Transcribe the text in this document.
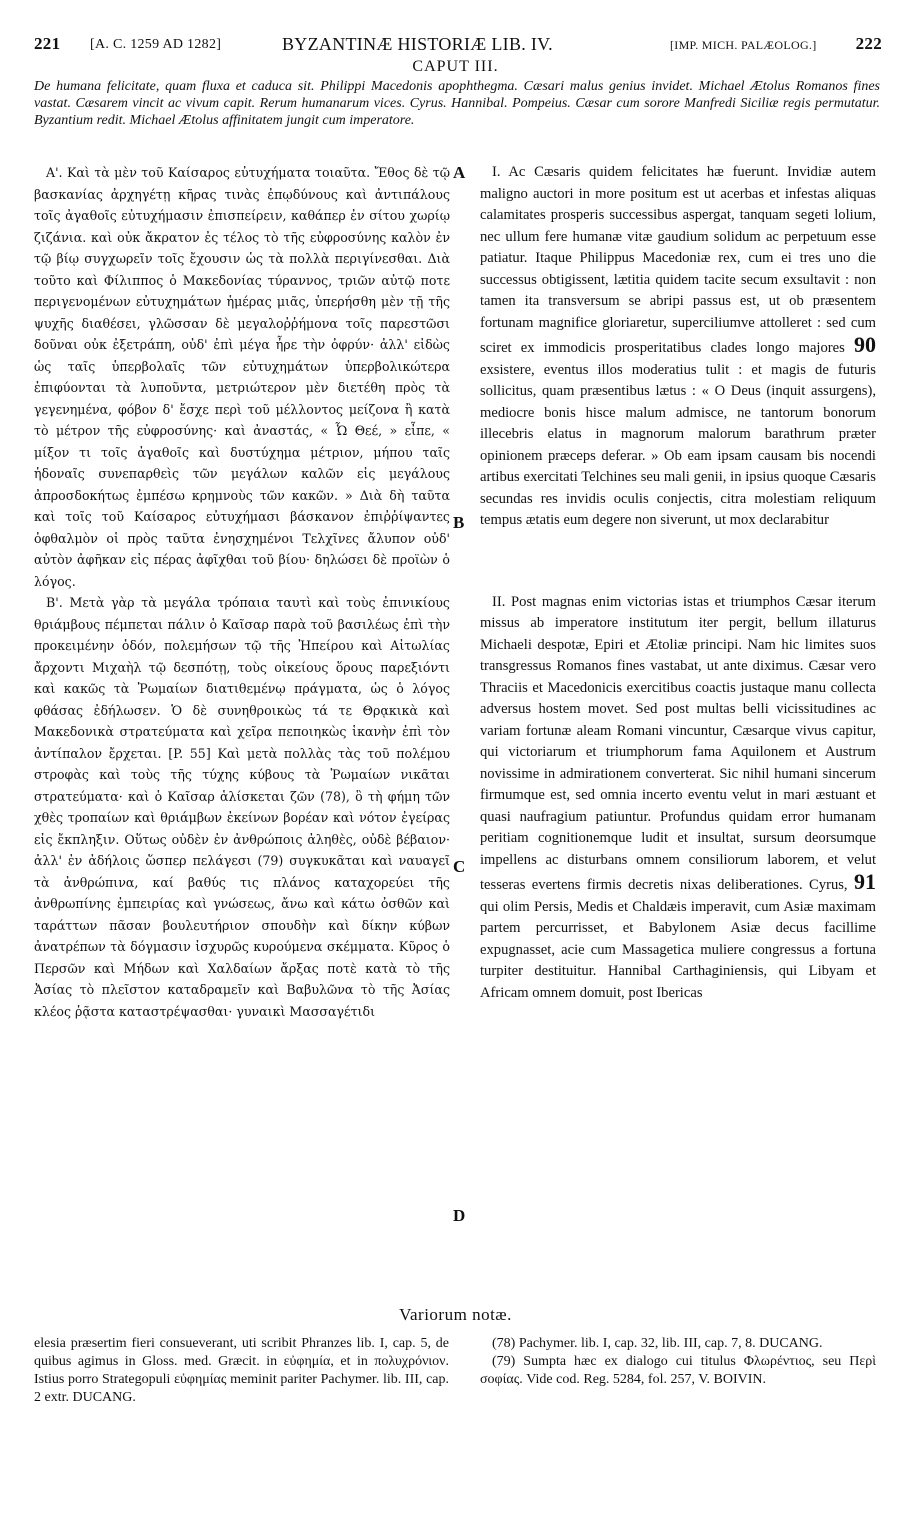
221 [A. C. 1259 AD 1282]	BYZANTINÆ HISTORIÆ LIB. IV.	[IMP. MICH. PALÆOLOG.] 222
CAPUT III.
De humana felicitate, quam fluxa et caduca sit. Philippi Macedonis apophthegma. Cæsari malus genius invidet. Michael Ætolus Romanos fines vastat. Cæsarem vincit ac vivum capit. Rerum humanarum vices. Cyrus. Hannibal. Pompeius. Cæsar cum sorore Manfredi Siciliæ regis permutatur. Byzantium redit. Michael Ætolus affinitatem jungit cum imperatore.

Α'. Καὶ τὰ μὲν τοῦ Καίσαρος εὐτυχήματα τοιαῦτα. Ἔθος δὲ τῷ βασκανίας ἀρχηγέτῃ κῆρας τινὰς ἐπῳδύνους καὶ ἀντιπάλους τοῖς ἀγαθοῖς εὐτυχήμασιν ἐπισπείρειν, καθάπερ ἐν σίτου χωρίῳ ζιζάνια. καὶ οὐκ ἄκρατον ἐς τέλος τὸ τῆς εὐφροσύνης καλὸν ἐν τῷ βίῳ συγχωρεῖν τοῖς ἔχουσιν ὡς τὰ πολλὰ περιγίνεσθαι. Διὰ τοῦτο καὶ Φίλιππος ὁ Μακεδονίας τύραννος, τριῶν αὐτῷ ποτε περιγενομένων εὐτυχημάτων ἡμέρας μιᾶς, ὑπερήσθη μὲν τῇ τῆς ψυχῆς διαθέσει, γλῶσσαν δὲ μεγαλοῤῥήμονα τοῖς παρεστῶσι δοῦναι οὐκ ἐξετράπη, οὐδ' ἐπὶ μέγα ἦρε τὴν ὀφρύν· ἀλλ' εἰδὼς ὡς ταῖς ὑπερβολαῖς τῶν εὐτυχημάτων ὑπερβολικώτερα ἐπιφύονται τὰ λυποῦντα, μετριώτερον μὲν διετέθη πρὸς τὰ γεγενημένα, φόβον δ' ἔσχε περὶ τοῦ μέλλοντος μείζονα ἢ κατὰ τὸ μέτρον τῆς εὐφροσύνης· καὶ ἀναστάς, « Ὦ Θεέ, » εἶπε, « μίξον τι τοῖς ἀγαθοῖς καὶ δυστύχημα μέτριον, μήπου ταῖς ἡδοναῖς συνεπαρθεὶς τῶν μεγάλων καλῶν εἰς μεγάλους ἀπροσδοκήτως ἐμπέσω κρημνοὺς τῶν κακῶν. » Διὰ δὴ ταῦτα καὶ τοῖς τοῦ Καίσαρος εὐτυχήμασι βάσκανον ἐπιῤῥίψαντες ὀφθαλμὸν οἱ πρὸς ταῦτα ἐνησχημένοι Τελχῖνες ἄλυπον οὐδ' αὐτὸν ἀφῆκαν εἰς πέρας ἀφῖχθαι τοῦ βίου· δηλώσει δὲ προϊὼν ὁ λόγος.

Β'. Μετὰ γὰρ τὰ μεγάλα τρόπαια ταυτὶ καὶ τοὺς ἐπινικίους θριάμβους πέμπεται πάλιν ὁ Καῖσαρ παρὰ τοῦ βασιλέως ἐπὶ τὴν προκειμένην ὁδόν, πολεμήσων τῷ τῆς Ἠπείρου καὶ Αἰτωλίας ἄρχοντι Μιχαὴλ τῷ δεσπότῃ, τοὺς οἰκείους ὅρους παρεξιόντι καὶ κακῶς τὰ Ῥωμαίων διατιθεμένῳ πράγματα, ὡς ὁ λόγος φθάσας ἐδήλωσεν. Ὁ δὲ συνηθροικὼς τά τε Θρᾳκικὰ καὶ Μακεδονικὰ στρατεύματα καὶ χεῖρα πεποιηκὼς ἱκανὴν ἐπὶ τὸν ἀντίπαλον ἔρχεται. [P. 55] Καὶ μετὰ πολλὰς τὰς τοῦ πολέμου στροφὰς καὶ τοὺς τῆς τύχης κύβους τὰ Ῥωμαίων νικᾶται στρατεύματα· καὶ ὁ Καῖσαρ ἁλίσκεται ζῶν (78), ὃ τὴ φήμη τῶν χθὲς τροπαίων καὶ θριάμβων ἐκείνων βορέαν καὶ νότον ἐγείρας εἰς ἔκπληξιν. Οὕτως οὐδὲν ἐν ἀνθρώποις ἀληθὲς, οὐδὲ βέβαιον· ἀλλ' ἐν ἀδήλοις ὥσπερ πελάγεσι (79) συγκυκᾶται καὶ ναυαγεῖ τὰ ἀνθρώπινα, καί βαθύς τις πλάνος καταχορεύει τῆς ἀνθρωπίνης ἐμπειρίας καὶ γνώσεως, ἄνω καὶ κάτω ὀσθῶν καὶ ταράττων πᾶσαν βουλευτήριον σπουδὴν καὶ δίκην κύβων ἀνατρέπων τὰ δόγμασιν ἰσχυρῶς κυρούμενα σκέμματα. Κῦρος ὁ Περσῶν καὶ Μήδων καὶ Χαλδαίων ἄρξας ποτὲ κατὰ τὸ τῆς Ἀσίας τὸ πλεῖστον καταδραμεῖν καὶ Βαβυλῶνα τὸ τῆς Ἀσίας κλέος ῥᾷστα καταστρέψασθαι· γυναικὶ Μασσαγέτιδι

A
B
C
D

I. Ac Cæsaris quidem felicitates hæ fuerunt. Invidiæ autem maligno auctori in more positum est ut acerbas et infestas aliquas calamitates prosperis successibus aspergat, tanquam segeti lolium, nec ullum fere humanæ vitæ gaudium solidum ac perpetuum esse patiatur. Itaque Philippus Macedoniæ rex, cum ei tres uno die successus obtigissent, lætitia quidem tacite secum exsultavit : non tamen ita transversum se abripi passus est, ut ob præsentem fortunam magnifice gloriaretur, superciliumve attolleret : sed cum sciret ex immodicis prosperitatibus clades longo majores 90 exsistere, eventus illos moderatius tulit : et magis de futuris sollicitus, quam præsentibus lætus : « O Deus (inquit assurgens), mediocre bonis hisce malum admisce, ne tantorum bonorum illecebris elatus in magnorum malorum barathrum præter opinionem præceps deferar. » Ob eam ipsam causam bis nocendi artibus exercitati Telchines seu mali genii, in ipsius quoque Cæsaris secundas res invidis oculis conjectis, citra molestiam reliquum tempus ætatis eum degere non siverunt, ut mox declarabitur

II. Post magnas enim victorias istas et triumphos Cæsar iterum missus ab imperatore institutum iter pergit, bellum illaturus Michaeli despotæ, Epiri et Ætoliæ principi. Nam hic limites suos transgressus Romanos fines vastabat, ut ante diximus. Cæsar vero Thraciis et Macedonicis exercitibus coactis justaque manu collecta adversus hostem movet. Sed post multas belli vicissitudines ac variam fortunæ aleam Romani vincuntur, Cæsarque vivus capitur, qui victoriarum et triumphorum fama Aquilonem et Austrum novissime in admirationem converterat. Sic nihil humani sincerum firmumque est, sed omnia incerto eventu velut in mari æstuant et quasi naufragium patiuntur. Profundus quidam error humanam peritiam cognitionemque ludit et insultat, sursum deorsumque impellens ac disturbans omnem consiliorum laborem, et velut tesseras evertens firmis decretis nixas deliberationes. Cyrus, 91 qui olim Persis, Medis et Chaldæis imperavit, cum Asiæ maximam partem percurrisset, et Babylonem Asiæ decus facillime expugnasset, acie cum Massagetica muliere congressus a fortuna turpiter destituitur. Hannibal Carthaginiensis, qui Libyam et Africam omnem domuit, post Ibericas

Variorum notæ.

elesia præsertim fieri consueverant, uti scribit Phranzes lib. I, cap. 5, de quibus agimus in Gloss. med. Græcit. in εὐφημία, et in πολυχρόνιον. Istius porro Strategopuli εὐφημίας meminit pariter Pachymer. lib. III, cap. 2 extr. DUCANG.

(78) Pachymer. lib. I, cap. 32, lib. III, cap. 7, 8. DUCANG.

(79) Sumpta hæc ex dialogo cui titulus Φλωρέντιος, seu Περὶ σοφίας. Vide cod. Reg. 5284, fol. 257, V. BOIVIN.
